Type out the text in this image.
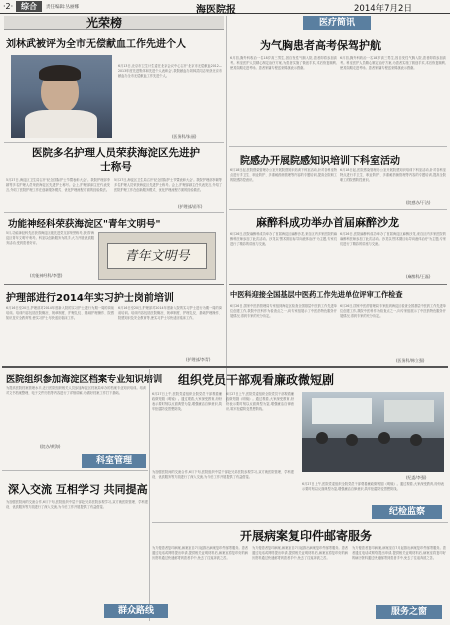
·2· 综合	责任编辑:丛丽娜	海医院报	2014年7月2日
光荣榜
刘林武被评为全市无偿献血工作先进个人
6月13日,北京市卫生计生委在北京会议中心召开'北京市无偿献血2012—2013年度先进集体和先进个人表彰会',我院献血办刘林武同志荣获北京市献血办全市无偿献血工作先进个人。
(医务科/朱丽)
医院多名护理人员荣获海淀区先进护士称号
5月27日,海淀区卫生局召开'纪念国际护士节暨表彰大会'。我院护理部李颖等多名护理人员荣获海淀区先进护士称号。会上,护理部副主任代表发言,介绍了医院护理工作在创新服务模式、优化护理流程方面的经验做法。
5月27日,海淀区卫生局召开'纪念国际护士节暨表彰大会'。我院护理部李颖等多名护理人员荣获海淀区先进护士称号。会上,护理部副主任代表发言,介绍了医院护理工作在创新服务模式、优化护理流程方面的经验做法。
(护理部/苗军)
功能神经科荣获海淀区"青年文明号"
5月,功能神经科先后获得海淀区级先进党支部荣誉称号,获得'海淀区青年文明号'称号。科室以创新服务为抓手,大力开展优质服务活动,受到患者好评。
(功能神经科/李慧)
青年文明号
医疗简讯
为气胸患者高考保驾护航
6月初,胸外科收治一名18岁高三男生,因自发性气胸入院,患者即将参加高考。科室医护人员精心制定治疗方案,为患者实施了微创手术,术后恢复顺利,使其如期走进考场。患者家属专程送来锦旗表示感谢。
6月初,胸外科收治一名18岁高三男生,因自发性气胸入院,患者即将参加高考。科室医护人员精心制定治疗方案,为患者实施了微创手术,术后恢复顺利,使其如期走进考场。患者家属专程送来锦旗表示感谢。
院感办开展院感知识培训下科室活动
6月18日起,医院感染管理办公室开展院感知识培训下科室活动,针对各科室特点进行手卫生、职业防护、多重耐药菌管理等内容的专题培训,提高全院职工的院感防控意识。
6月18日起,医院感染管理办公室开展院感知识培训下科室活动,针对各科室特点进行手卫生、职业防护、多重耐药菌管理等内容的专题培训,提高全院职工的院感防控意识。
(院感办/于洁)
麻醉科成功举办首届麻醉沙龙
6月26日,医院麻醉科成功举办了首届海淀区麻醉沙龙,来自区内多家医院的麻醉科医师参加了此次活动。沙龙以'围术期目标导向液体治疗'为主题,专家们进行了精彩的讲座与交流。
6月26日,医院麻醉科成功举办了首届海淀区麻醉沙龙,来自区内多家医院的麻醉科医师参加了此次活动。沙龙以'围术期目标导向液体治疗'为主题,专家们进行了精彩的讲座与交流。
(麻醉科/王磊)
护理部进行2014年实习护士岗前培训
6月16日至20日,护理部对2014年度新入院的实习护士进行为期一周的岗前培训。培训内容包括医院概况、规章制度、护理礼仪、基础护理操作、院感知识及安全教育等,使实习护士尽快适应临床工作。
6月16日至20日,护理部对2014年度新入院的实习护士进行为期一周的岗前培训。培训内容包括医院概况、规章制度、护理礼仪、基础护理操作、院感知识及安全教育等,使实习护士尽快适应临床工作。
(护理部/李青)
中医科迎接全国基层中医药工作先进单位评审工作检查
6月26日,国家中医药管理局专家组到海淀区检查全国基层中医药工作先进单位创建工作,我院中医科作为检查点之一,向专家组展示了中医药特色服务开展情况,得到专家的充分肯定。
6月26日,国家中医药管理局专家组到海淀区检查全国基层中医药工作先进单位创建工作,我院中医科作为检查点之一,向专家组展示了中医药特色服务开展情况,得到专家的充分肯定。
(医务科/韩立强)
医院组织参加海淀区档案专业知识培训
为提高医院档案管理水平,近日医院组织相关人员参加海淀区档案局举办的档案专业知识培训。培训对文书档案整理、电子文件归档等内容进行了详细讲解,为做好档案工作打下基础。
(院办/黄海)
科室管理
组织党员干部观看廉政微短剧
6月27日上午,医院党委组织全院党员干部观看廉政微短剧《明镜》。通过观看,大家深受教育,纷纷表示要时刻以反面典型为鉴,增强廉洁自律意识,筑牢拒腐防变思想防线。
6月27日上午,医院党委组织全院党员干部观看廉政微短剧《明镜》。通过观看,大家深受教育,纷纷表示要时刻以反面典型为鉴,增强廉洁自律意识,筑牢拒腐防变思想防线。
(纪委/李强)
6月27日上午,医院党委组织全院党员干部观看廉政微短剧《明镜》。通过观看,大家深受教育,纷纷表示要时刻以反面典型为鉴,增强廉洁自律意识,筑牢拒腐防变思想防线。
纪检监察
深入交流 互相学习 共同提高
为加强医院间的交流合作,6月下旬,医院组织中层干部赴兄弟医院参观学习,双方就医院管理、学科建设、优质服务等方面进行了深入交流,为今后工作开展提供了有益借鉴。
为加强医院间的交流合作,6月下旬,医院组织中层干部赴兄弟医院参观学习,双方就医院管理、学科建设、优质服务等方面进行了深入交流,为今后工作开展提供了有益借鉴。
群众路线
开展病案复印件邮寄服务
为方便患者复印病案,病案室自7月起推出病案复印件邮寄服务。患者通过电话或网络提出申请,提供相关证明材料后,病案室将复印好的病历资料通过快递邮寄到患者手中,免去了往返奔波之苦。
为方便患者复印病案,病案室自7月起推出病案复印件邮寄服务。患者通过电话或网络提出申请,提供相关证明材料后,病案室将复印好的病历资料通过快递邮寄到患者手中,免去了往返奔波之苦。
为方便患者复印病案,病案室自7月起推出病案复印件邮寄服务。患者通过电话或网络提出申请,提供相关证明材料后,病案室将复印好的病历资料通过快递邮寄到患者手中,免去了往返奔波之苦。
服务之窗
